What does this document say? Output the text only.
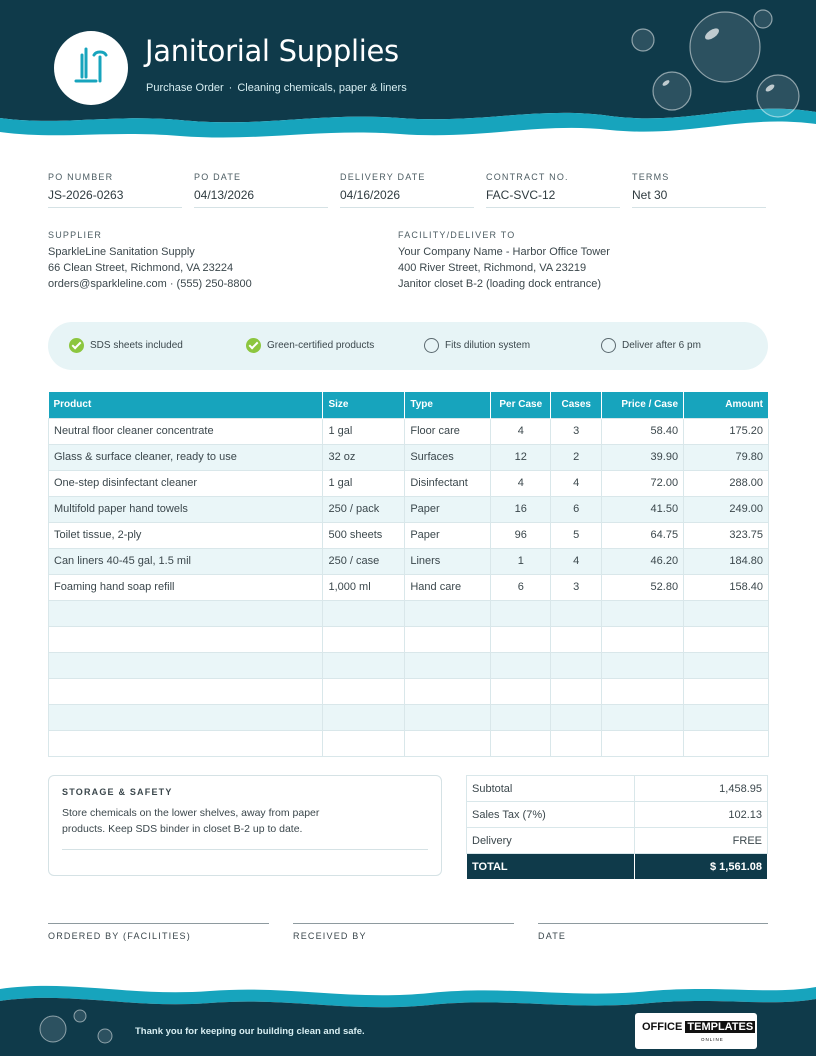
Janitorial Supplies
Purchase Order · Cleaning chemicals, paper & liners
PO NUMBER
JS-2026-0263
PO DATE
04/13/2026
DELIVERY DATE
04/16/2026
CONTRACT NO.
FAC-SVC-12
TERMS
Net 30
SUPPLIER
SparkleLine Sanitation Supply
66 Clean Street, Richmond, VA 23224
orders@sparkleline.com · (555) 250-8800
FACILITY/DELIVER TO
Your Company Name - Harbor Office Tower
400 River Street, Richmond, VA 23219
Janitor closet B-2 (loading dock entrance)
SDS sheets included	Green-certified products	Fits dilution system	Deliver after 6 pm
Product	Size	Type	Per Case	Cases	Price / Case	Amount
Neutral floor cleaner concentrate	1 gal	Floor care	4	3	58.40	175.20
Glass & surface cleaner, ready to use	32 oz	Surfaces	12	2	39.90	79.80
One-step disinfectant cleaner	1 gal	Disinfectant	4	4	72.00	288.00
Multifold paper hand towels	250 / pack	Paper	16	6	41.50	249.00
Toilet tissue, 2-ply	500 sheets	Paper	96	5	64.75	323.75
Can liners 40-45 gal, 1.5 mil	250 / case	Liners	1	4	46.20	184.80
Foaming hand soap refill	1,000 ml	Hand care	6	3	52.80	158.40

STORAGE & SAFETY
Store chemicals on the lower shelves, away from paper products. Keep SDS binder in closet B-2 up to date.
Subtotal	1,458.95
Sales Tax (7%)	102.13
Delivery	FREE
TOTAL	$ 1,561.08
ORDERED BY (FACILITIES)	RECEIVED BY	DATE
Thank you for keeping our building clean and safe.	OFFICE TEMPLATES
ONLINE
